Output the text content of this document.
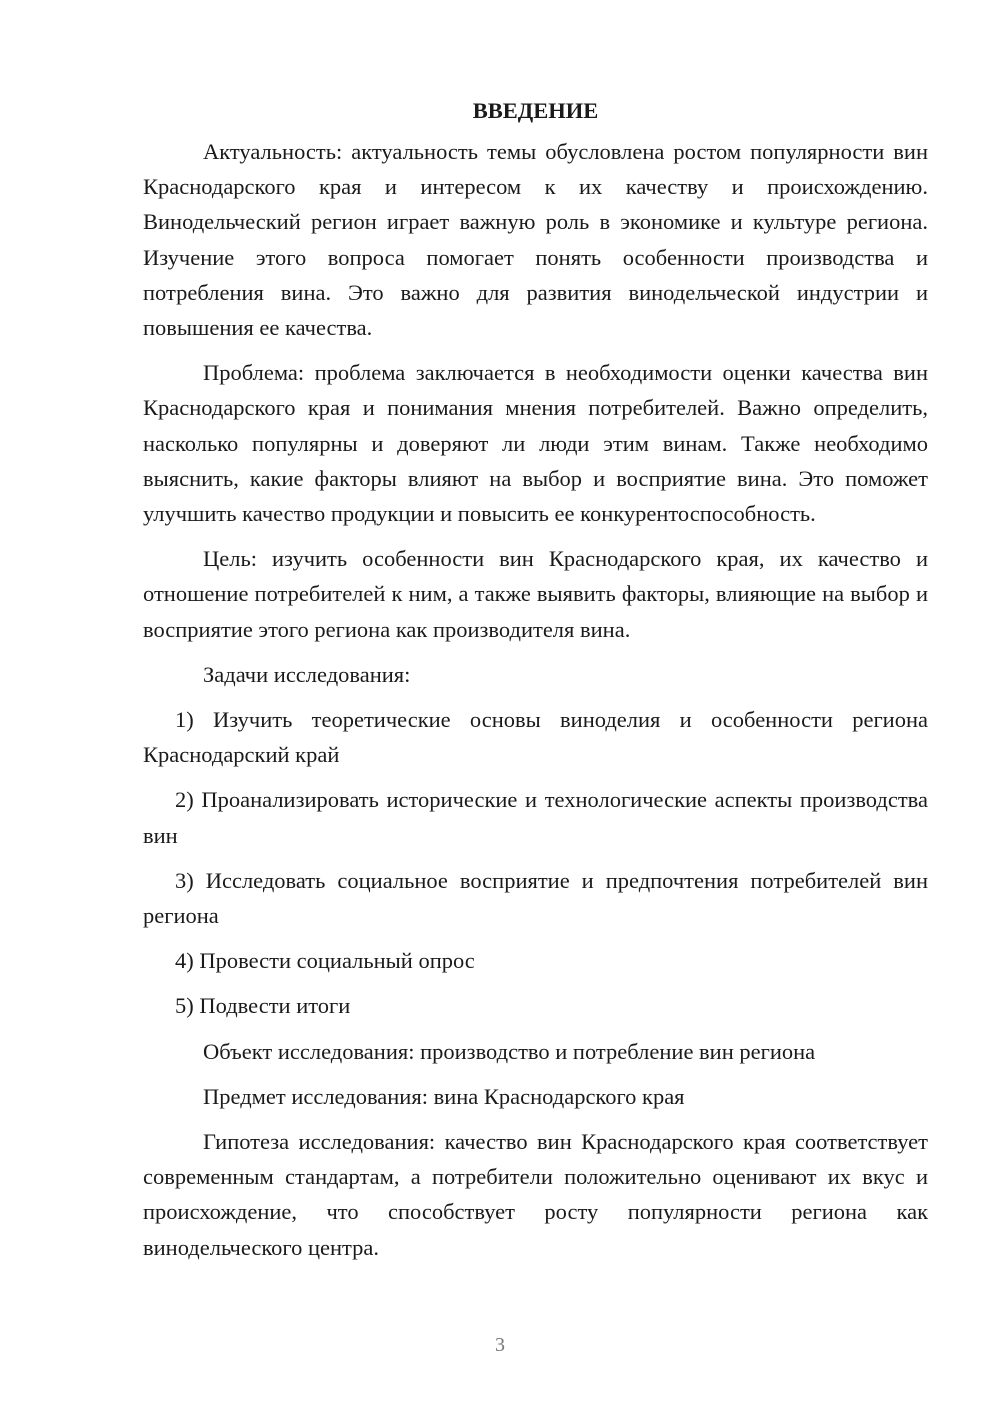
ВВЕДЕНИЕ

Актуальность: актуальность темы обусловлена ростом популярности вин Краснодарского края и интересом к их качеству и происхождению. Винодельческий регион играет важную роль в экономике и культуре региона. Изучение этого вопроса помогает понять особенности производства и потребления вина. Это важно для развития винодельческой индустрии и повышения ее качества.

Проблема: проблема заключается в необходимости оценки качества вин Краснодарского края и понимания мнения потребителей. Важно определить, насколько популярны и доверяют ли люди этим винам. Также необходимо выяснить, какие факторы влияют на выбор и восприятие вина. Это поможет улучшить качество продукции и повысить ее конкурентоспособность.

Цель: изучить особенности вин Краснодарского края, их качество и отношение потребителей к ним, а также выявить факторы, влияющие на выбор и восприятие этого региона как производителя вина.

Задачи исследования:

1) Изучить теоретические основы виноделия и особенности региона Краснодарский край

2) Проанализировать исторические и технологические аспекты производства вин

3) Исследовать социальное восприятие и предпочтения потребителей вин региона

4) Провести социальный опрос

5) Подвести итоги

Объект исследования: производство и потребление вин региона

Предмет исследования: вина Краснодарского края

Гипотеза исследования: качество вин Краснодарского края соответствует современным стандартам, а потребители положительно оценивают их вкус и происхождение, что способствует росту популярности региона как винодельческого центра.

3
